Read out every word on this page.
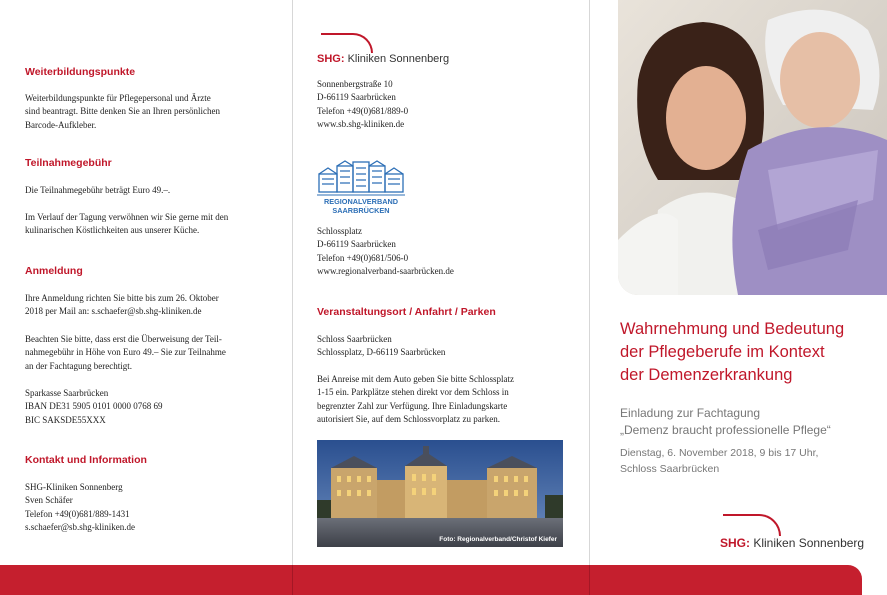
Weiterbildungspunkte

Weiterbildungspunkte für Pflegepersonal und Ärzte

sind beantragt. Bitte denken Sie an Ihren persönlichen

Barcode-Aufkleber.

Teilnahmegebühr

Die Teilnahmegebühr beträgt Euro 49.–.

Im Verlauf der Tagung verwöhnen wir Sie gerne mit den

kulinarischen Köstlichkeiten aus unserer Küche.

Anmeldung

Ihre Anmeldung richten Sie bitte bis zum 26. Oktober

2018 per Mail an: s.schaefer@sb.shg-kliniken.de

Beachten Sie bitte, dass erst die Überweisung der Teil-

nahmegebühr in Höhe von Euro 49.– Sie zur Teilnahme

an der Fachtagung berechtigt.

Sparkasse Saarbrücken

IBAN DE31 5905 0101 0000 0768 69

BIC SAKSDE55XXX

Kontakt und Information

SHG-Kliniken Sonnenberg

Sven Schäfer

Telefon +49(0)681/889-1431

s.schaefer@sb.shg-kliniken.de

SHG: Kliniken Sonnenberg

Sonnenbergstraße 10

D-66119 Saarbrücken

Telefon +49(0)681/889-0

www.sb.shg-kliniken.de

REGIONALVERBAND
SAARBRÜCKEN

Schlossplatz

D-66119 Saarbrücken

Telefon +49(0)681/506-0

www.regionalverband-saarbrücken.de

Veranstaltungsort / Anfahrt / Parken

Schloss Saarbrücken

Schlossplatz, D-66119 Saarbrücken

Bei Anreise mit dem Auto geben Sie bitte Schlossplatz

1-15 ein. Parkplätze stehen direkt vor dem Schloss in

begrenzter Zahl zur Verfügung. Ihre Einladungskarte

autorisiert Sie, auf dem Schlossvorplatz zu parken.

Foto: Regionalverband/Christof Kiefer
Wahrnehmung und Bedeutung
der Pflegeberufe im Kontext
der Demenzerkrankung
Einladung zur Fachtagung
„Demenz braucht professionelle Pflege“
Dienstag, 6. November 2018, 9 bis 17 Uhr,
Schloss Saarbrücken
SHG: Kliniken Sonnenberg
